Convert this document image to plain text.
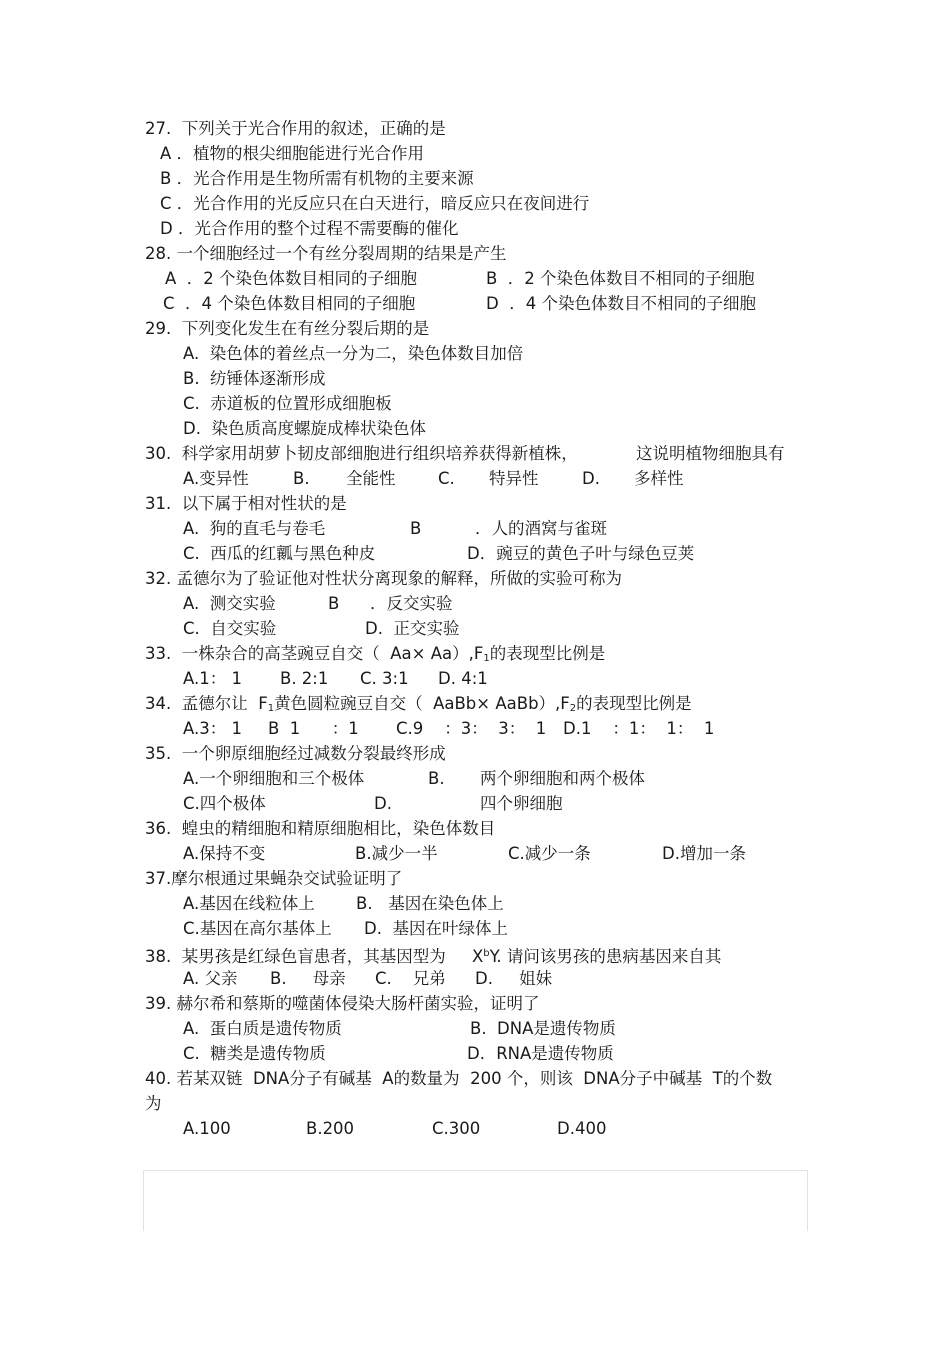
27.  下列关于光合作用的叙述，正确的是
A ．植物的根尖细胞能进行光合作用
B ．光合作用是生物所需有机物的主要来源
C ．光合作用的光反应只在白天进行，暗反应只在夜间进行
D ．光合作用的整个过程不需要酶的催化
28. 一个细胞经过一个有丝分裂周期的结果是产生
A  ．2 个染色体数目相同的子细胞	B  ．2 个染色体数目不相同的子细胞
C  ．4 个染色体数目相同的子细胞	D  ．4 个染色体数目不相同的子细胞
29.  下列变化发生在有丝分裂后期的是
A.  染色体的着丝点一分为二，染色体数目加倍
B.  纺锤体逐渐形成
C.  赤道板的位置形成细胞板
D.  染色质高度螺旋成棒状染色体
30.  科学家用胡萝卜韧皮部细胞进行组织培养获得新植株，	这说明植物细胞具有
A.变异性	B. 全能性	C. 特异性	D. 多样性
31.  以下属于相对性状的是
A.  狗的直毛与卷毛	B	．人的酒窝与雀斑
C.  西瓜的红瓤与黑色种皮	D．豌豆的黄色子叶与绿色豆荚
32. 孟德尔为了验证他对性状分离现象的解释，所做的实验可称为
A.  测交实验	B ．反交实验
C.  自交实验	D.  正交实验
33.  一株杂合的高茎豌豆自交（  $Aa\times Aa),F_1$的表现型比例是
A.1： 1 B. 2:1 C. 3:1 D. 4:1
34.  孟德尔让  $F_1$黄色圆粒豌豆自交（  AaBb× $AaBb),F_2$的表现型比例是
A.3： 1 B  1      ：1 C.9    ：3：  3：  1 D.1    ：1：  1：  1
35.  一个卵原细胞经过减数分裂最终形成
A.一个卵细胞和三个极体	B. 两个卵细胞和两个极体
C.四个极体	D.	四个卵细胞
36.  蝗虫的精细胞和精原细胞相比，染色体数目
A.保持不变	B.减少一半	C.减少一条	D.增加一条
37.摩尔根通过果蝇杂交试验证明了
A.基因在线粒体上	B.   基因在染色体上
C.基因在高尔基体上 D.  基因在叶绿体上
38.  某男孩是红绿色盲患者，其基因型为     $X^bY$. 请问该男孩的患病基因来自其
A. 父亲 B.     母亲 C.    兄弟 D.     姐妹
39. 赫尔希和蔡斯的噬菌体侵染大肠杆菌实验，证明了
A.  蛋白质是遗传物质	B.  DNA是遗传物质
C.  糖类是遗传物质	D．RNA是遗传物质
40. 若某双链  DNA分子有碱基  A的数量为  200 个，则该  DNA分子中碱基  T的个数
为
A.100	B.200	C.300	D.400
